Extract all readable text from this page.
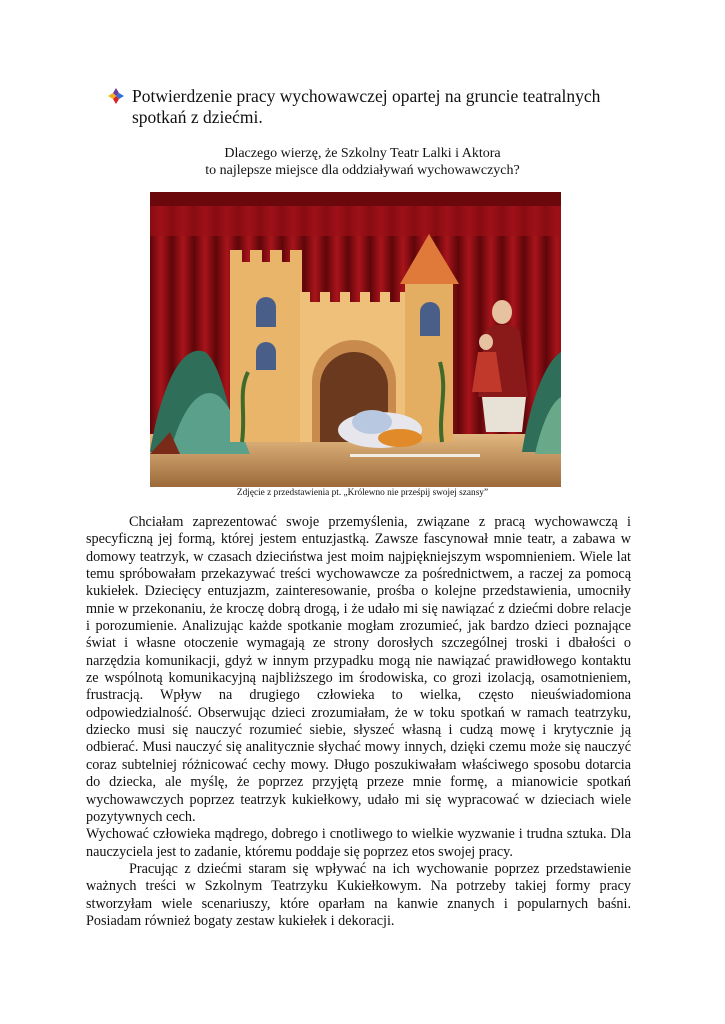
Potwierdzenie pracy wychowawczej opartej na gruncie teatralnych spotkań z dziećmi.
Dlaczego wierzę, że Szkolny Teatr Lalki i Aktora
to najlepsze miejsce dla oddziaływań wychowawczych?
Zdjęcie z przedstawienia pt. „Królewno nie prześpij swojej szansy”

Chciałam zaprezentować swoje przemyślenia, związane z pracą wychowawczą i specyficzną jej formą, której jestem entuzjastką. Zawsze fascynował mnie teatr, a zabawa w domowy teatrzyk, w czasach dzieciństwa jest moim najpiękniejszym wspomnieniem. Wiele lat temu spróbowałam przekazywać treści wychowawcze za pośrednictwem, a raczej za pomocą kukiełek. Dziecięcy entuzjazm, zainteresowanie, prośba o kolejne przedstawienia, umocniły mnie w przekonaniu, że kroczę dobrą drogą, i że udało mi się nawiązać z dziećmi dobre relacje i porozumienie. Analizując każde spotkanie mogłam zrozumieć, jak bardzo dzieci poznające świat i własne otoczenie wymagają ze strony dorosłych szczególnej troski i dbałości o narzędzia komunikacji, gdyż w innym przypadku mogą nie nawiązać prawidłowego kontaktu ze wspólnotą komunikacyjną najbliższego im środowiska, co grozi izolacją, osamotnieniem, frustracją. Wpływ na drugiego człowieka to wielka, często nieuświadomiona odpowiedzialność. Obserwując dzieci zrozumiałam, że w toku spotkań w ramach teatrzyku, dziecko musi się nauczyć rozumieć siebie, słyszeć własną i cudzą mowę i krytycznie ją odbierać. Musi nauczyć się analitycznie słychać mowy innych, dzięki czemu może się nauczyć coraz subtelniej różnicować cechy mowy. Długo poszukiwałam właściwego sposobu dotarcia do dziecka, ale myślę, że poprzez przyjętą przeze mnie formę, a mianowicie spotkań wychowawczych poprzez teatrzyk kukiełkowy, udało mi się wypracować w dzieciach wiele pozytywnych cech.

Wychować człowieka mądrego, dobrego i cnotliwego to wielkie wyzwanie i trudna sztuka. Dla nauczyciela jest to zadanie, któremu poddaje się poprzez etos swojej pracy.

Pracując z dziećmi staram się wpływać na ich wychowanie poprzez przedstawienie ważnych treści w Szkolnym Teatrzyku Kukiełkowym. Na potrzeby takiej formy pracy stworzyłam wiele scenariuszy, które oparłam na kanwie znanych i popularnych baśni. Posiadam również bogaty zestaw kukiełek i dekoracji.
